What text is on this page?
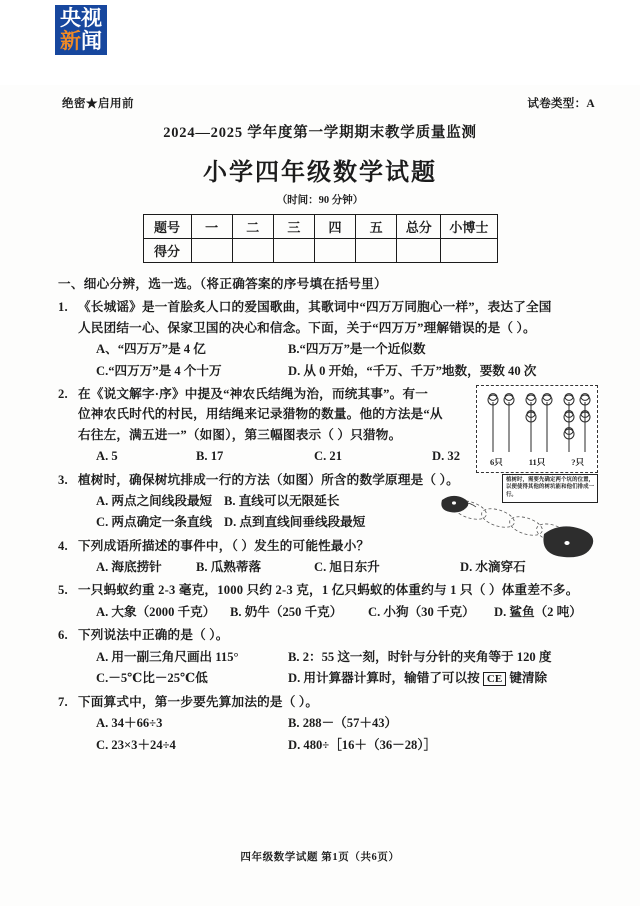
央视
新闻
绝密★启用前	试卷类型：A
2024—2025 学年度第一学期期末教学质量监测
小学四年级数学试题
（时间：90 分钟）
题号	一	二	三	四	五	总分	小博士
得分							
一、细心分辨，选一选。（将正确答案的序号填在括号里）
1. 《长城谣》是一首脍炙人口的爱国歌曲，其歌词中“四万万同胞心一样”，表达了全国
人民团结一心、保家卫国的决心和信念。下面，关于“四万万”理解错误的是（ ）。
A、“四万万”是 4 亿	B.“四万万”是一个近似数
C.“四万万”是 4 个十万	D. 从 0 开始，“千万、千万”地数，要数 40 次
6只	11只	?只
2. 在《说文解字·序》中提及“神农氏结绳为治，而统其事”。有一
位神农氏时代的村民，用结绳来记录猎物的数量。他的方法是“从
右往左，满五进一”（如图），第三幅图表示（ ）只猎物。
A. 5	B. 17	C. 21	D. 32
植树时，需要先确定两个坑的位置，以便使得其他的树坑能和他们排成一行。
3. 植树时，确保树坑排成一行的方法（如图）所含的数学原理是（ ）。
A. 两点之间线段最短 B. 直线可以无限延长
C. 两点确定一条直线 D. 点到直线间垂线段最短
4. 下列成语所描述的事件中，（ ）发生的可能性最小？
A. 海底捞针	B. 瓜熟蒂落	C. 旭日东升	D. 水滴穿石
5. 一只蚂蚁约重 2-3 毫克，1000 只约 2-3 克，1 亿只蚂蚁的体重约与 1 只（ ）体重差不多。
A. 大象（2000 千克）	B. 奶牛（250 千克）	C. 小狗（30 千克）	D. 鲨鱼（2 吨）
6. 下列说法中正确的是（ ）。
A. 用一副三角尺画出 115°	B. 2：55 这一刻，时针与分针的夹角等于 120 度
C.－5℃比－25℃低	D. 用计算器计算时，输错了可以按 CE 键清除
7. 下面算式中，第一步要先算加法的是（ ）。
A. 34＋66÷3	B. 288－（57＋43）
C. 23×3＋24÷4	D. 480÷［16＋（36－28）］
四年级数学试题 第1页（共6页）
